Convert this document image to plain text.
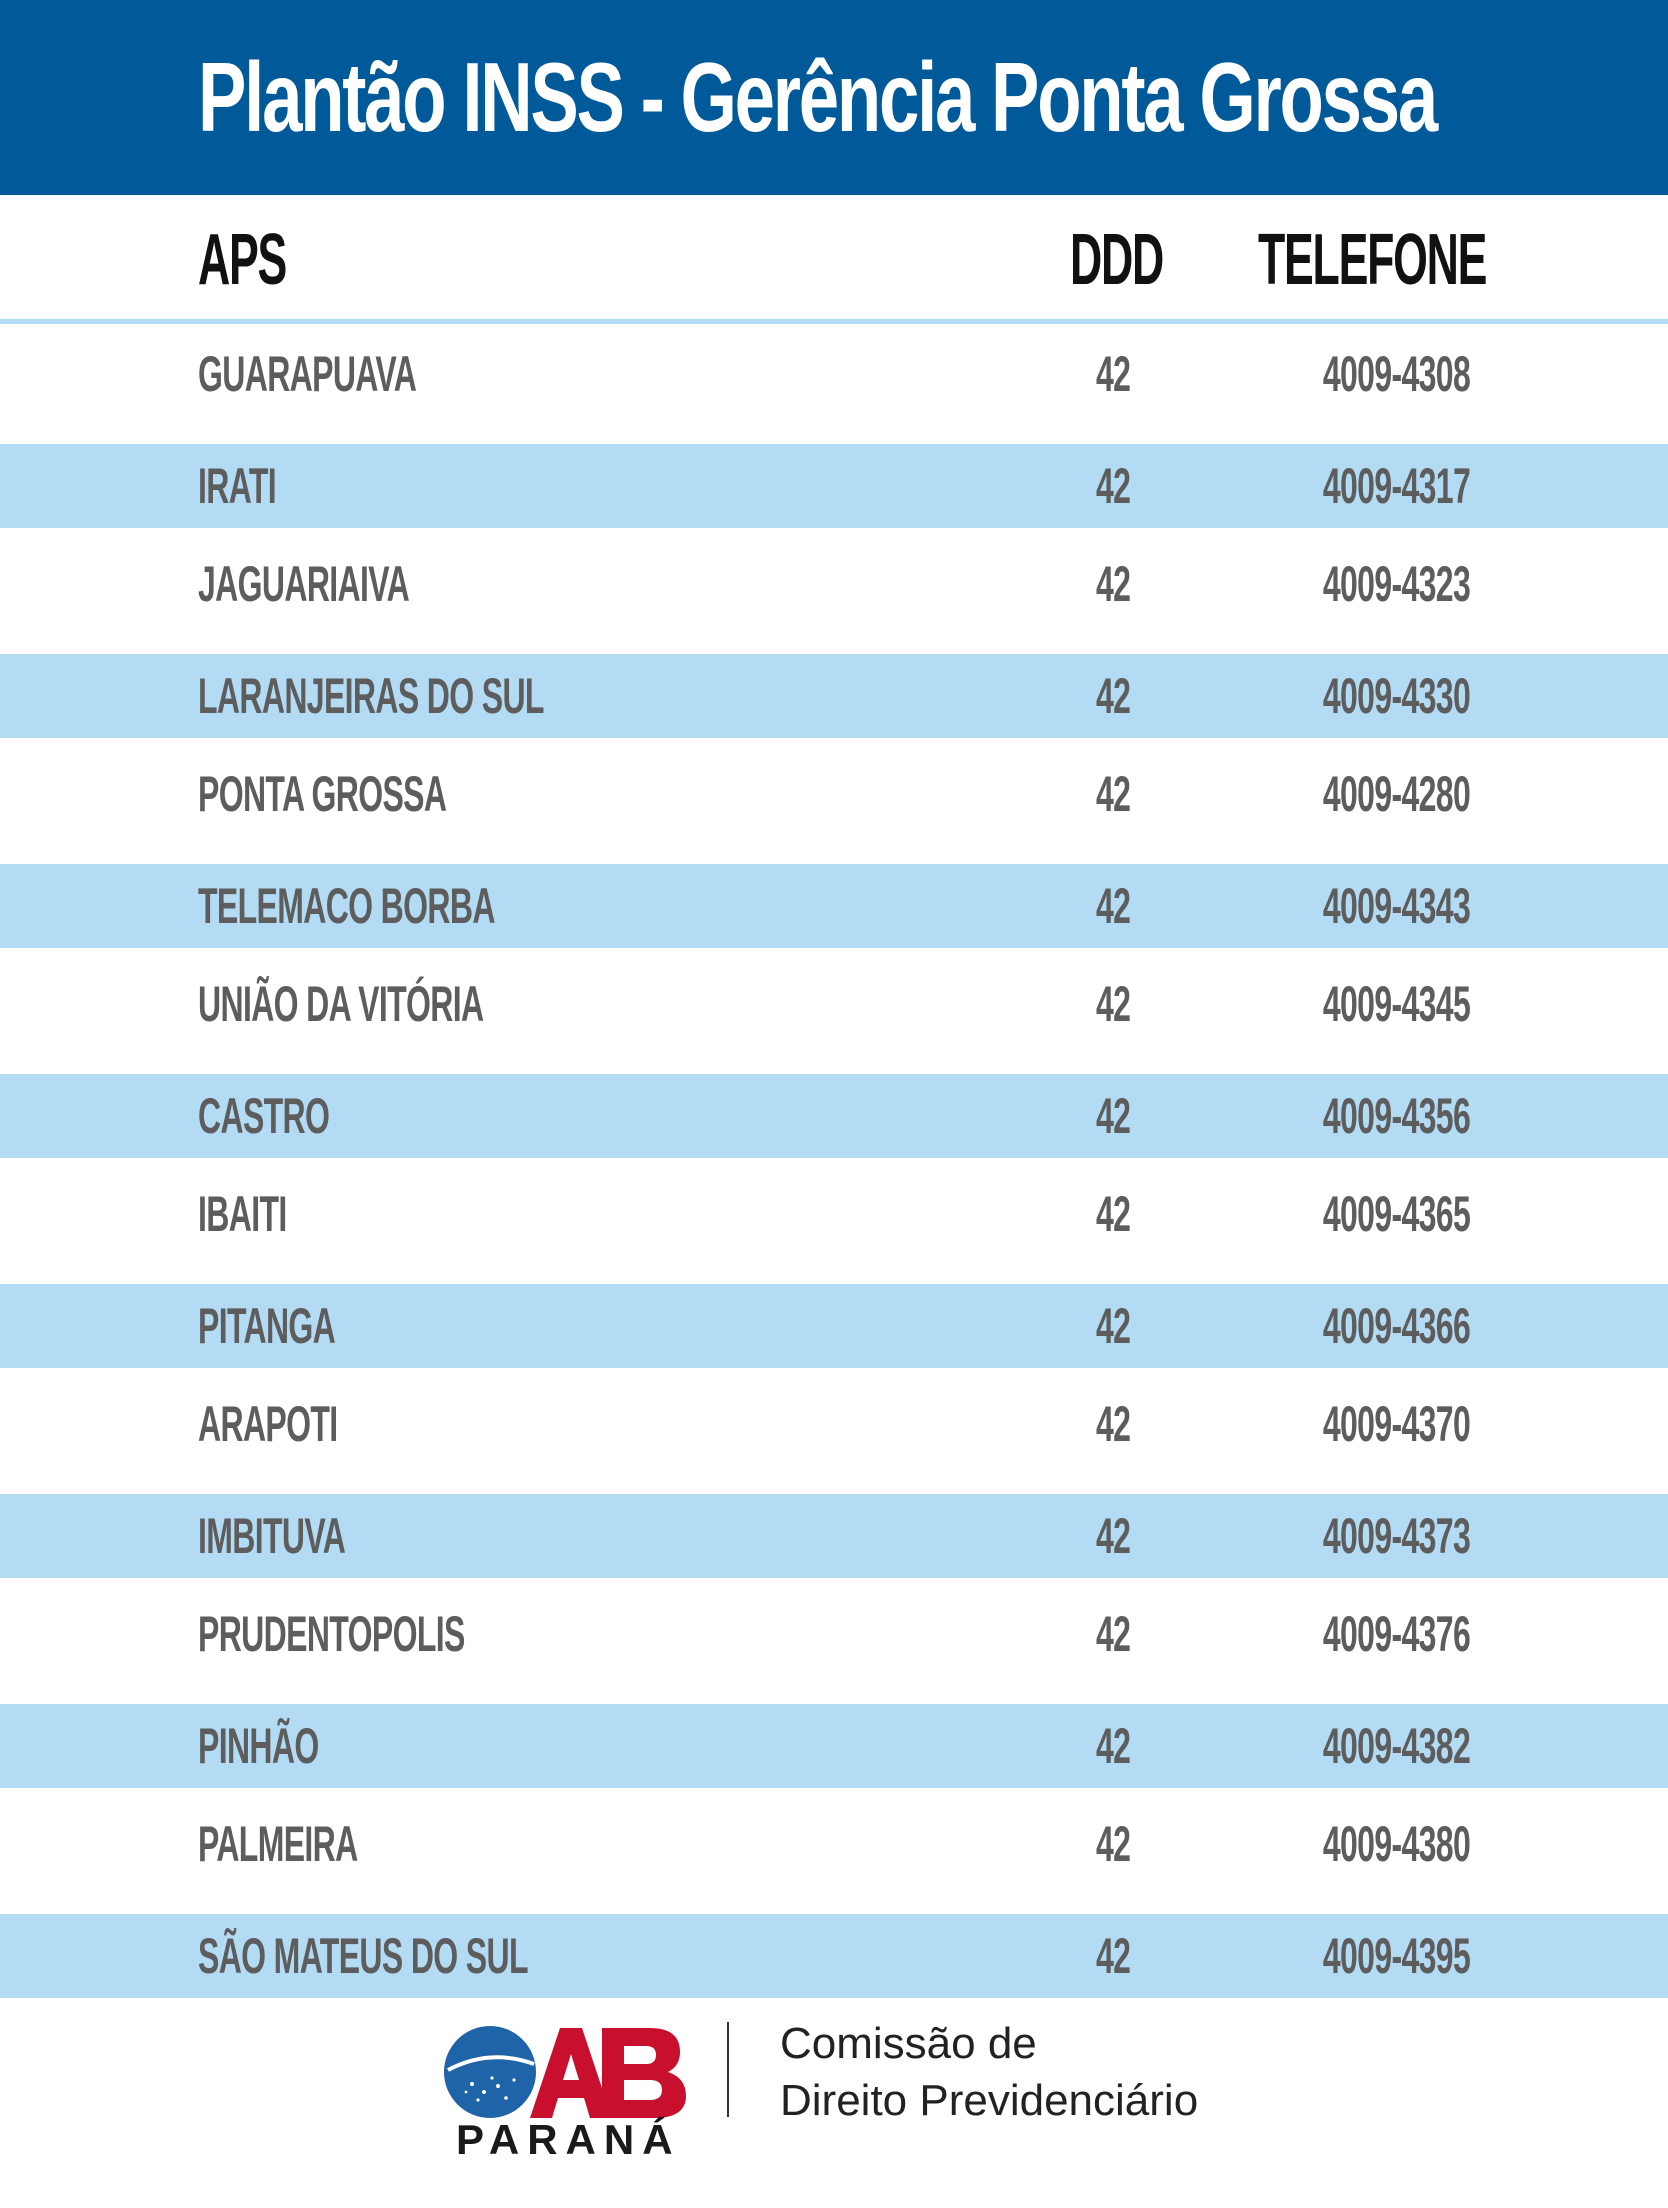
Plantão INSS - Gerência Ponta Grossa
APS	DDD TELEFONE
GUARAPUAVA	42	4009-4308
IRATI	42	4009-4317
JAGUARIAIVA	42	4009-4323
LARANJEIRAS DO SUL	42	4009-4330
PONTA GROSSA	42	4009-4280
TELEMACO BORBA	42	4009-4343
UNIÃO DA VITÓRIA	42	4009-4345
CASTRO	42	4009-4356
IBAITI	42	4009-4365
PITANGA	42	4009-4366
ARAPOTI	42	4009-4370
IMBITUVA	42	4009-4373
PRUDENTOPOLIS	42	4009-4376
PINHÃO	42	4009-4382
PALMEIRA	42	4009-4380
SÃO MATEUS DO SUL	42	4009-4395
PARANÁ
Comissão de
Direito Previdenciário
